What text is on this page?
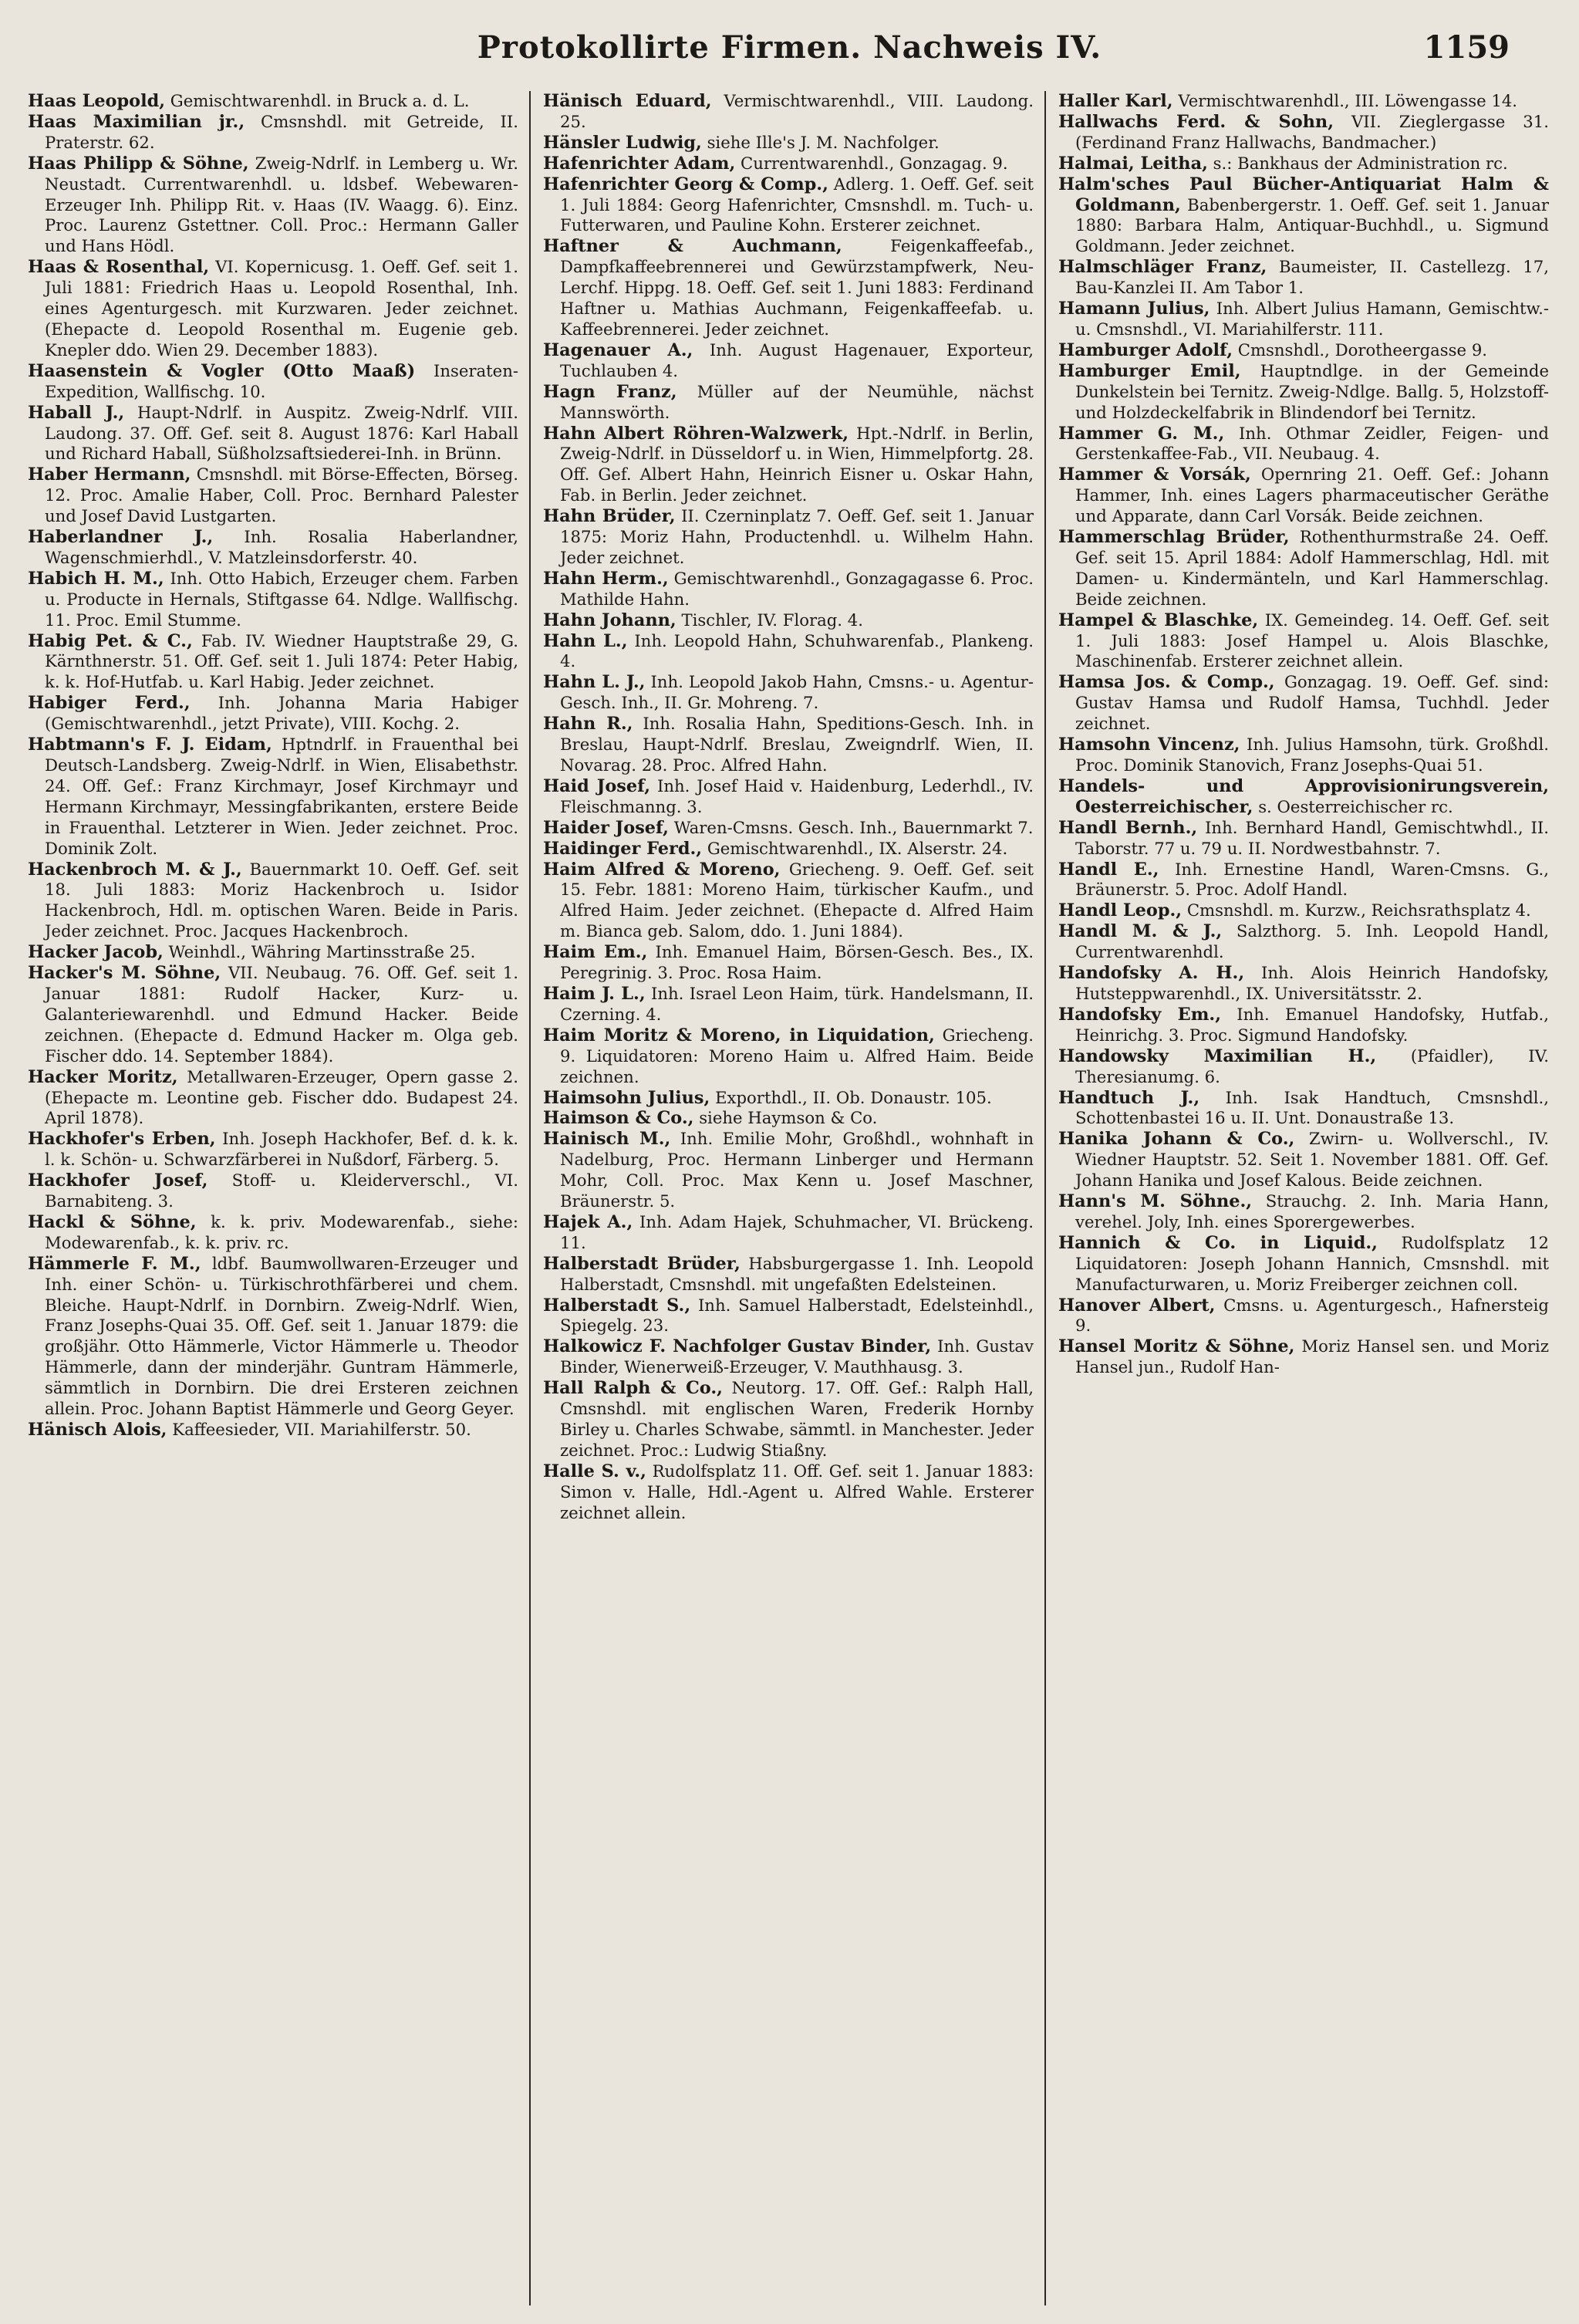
Protokollirte Firmen. Nachweis IV.	1159

Haas Leopold, Gemischtwarenhdl. in Bruck a. d. L.

Haas Maximilian jr., Cmsnshdl. mit Getreide, II. Praterstr. 62.

Haas Philipp & Söhne, Zweig-Ndrlf. in Lemberg u. Wr. Neustadt. Currentwarenhdl. u. ldsbef. Webewaren-Erzeuger Inh. Philipp Rit. v. Haas (IV. Waagg. 6). Einz. Proc. Laurenz Gstettner. Coll. Proc.: Hermann Galler und Hans Hödl.

Haas & Rosenthal, VI. Kopernicusg. 1. Oeff. Gef. seit 1. Juli 1881: Friedrich Haas u. Leopold Rosenthal, Inh. eines Agenturgesch. mit Kurzwaren. Jeder zeichnet. (Ehepacte d. Leopold Rosenthal m. Eugenie geb. Knepler ddo. Wien 29. December 1883).

Haasenstein & Vogler (Otto Maaß) Inseraten-Expedition, Wallfischg. 10.

Haball J., Haupt-Ndrlf. in Auspitz. Zweig-Ndrlf. VIII. Laudong. 37. Off. Gef. seit 8. August 1876: Karl Haball und Richard Haball, Süßholzsaftsiederei-Inh. in Brünn.

Haber Hermann, Cmsnshdl. mit Börse-Effecten, Börseg. 12. Proc. Amalie Haber, Coll. Proc. Bernhard Palester und Josef David Lustgarten.

Haberlandner J., Inh. Rosalia Haberlandner, Wagenschmierhdl., V. Matzleinsdorferstr. 40.

Habich H. M., Inh. Otto Habich, Erzeuger chem. Farben u. Producte in Hernals, Stiftgasse 64. Ndlge. Wallfischg. 11. Proc. Emil Stumme.

Habig Pet. & C., Fab. IV. Wiedner Hauptstraße 29, G. Kärnthnerstr. 51. Off. Gef. seit 1. Juli 1874: Peter Habig, k. k. Hof-Hutfab. u. Karl Habig. Jeder zeichnet.

Habiger Ferd., Inh. Johanna Maria Habiger (Gemischtwarenhdl., jetzt Private), VIII. Kochg. 2.

Habtmann's F. J. Eidam, Hptndrlf. in Frauenthal bei Deutsch-Landsberg. Zweig-Ndrlf. in Wien, Elisabethstr. 24. Off. Gef.: Franz Kirchmayr, Josef Kirchmayr und Hermann Kirchmayr, Messingfabrikanten, erstere Beide in Frauenthal. Letzterer in Wien. Jeder zeichnet. Proc. Dominik Zolt.

Hackenbroch M. & J., Bauernmarkt 10. Oeff. Gef. seit 18. Juli 1883: Moriz Hackenbroch u. Isidor Hackenbroch, Hdl. m. optischen Waren. Beide in Paris. Jeder zeichnet. Proc. Jacques Hackenbroch.

Hacker Jacob, Weinhdl., Währing Martinsstraße 25.

Hacker's M. Söhne, VII. Neubaug. 76. Off. Gef. seit 1. Januar 1881: Rudolf Hacker, Kurz- u. Galanteriewarenhdl. und Edmund Hacker. Beide zeichnen. (Ehepacte d. Edmund Hacker m. Olga geb. Fischer ddo. 14. September 1884).

Hacker Moritz, Metallwaren-Erzeuger, Opern gasse 2. (Ehepacte m. Leontine geb. Fischer ddo. Budapest 24. April 1878).

Hackhofer's Erben, Inh. Joseph Hackhofer, Bef. d. k. k. l. k. Schön- u. Schwarzfärberei in Nußdorf, Färberg. 5.

Hackhofer Josef, Stoff- u. Kleiderverschl., VI. Barnabiteng. 3.

Hackl & Söhne, k. k. priv. Modewarenfab., siehe: Modewarenfab., k. k. priv. rc.

Hämmerle F. M., ldbf. Baumwollwaren-Erzeuger und Inh. einer Schön- u. Türkischrothfärberei und chem. Bleiche. Haupt-Ndrlf. in Dornbirn. Zweig-Ndrlf. Wien, Franz Josephs-Quai 35. Off. Gef. seit 1. Januar 1879: die großjähr. Otto Hämmerle, Victor Hämmerle u. Theodor Hämmerle, dann der minderjähr. Guntram Hämmerle, sämmtlich in Dornbirn. Die drei Ersteren zeichnen allein. Proc. Johann Baptist Hämmerle und Georg Geyer.

Hänisch Alois, Kaffeesieder, VII. Mariahilferstr. 50.

Hänisch Eduard, Vermischtwarenhdl., VIII. Laudong. 25.

Hänsler Ludwig, siehe Ille's J. M. Nachfolger.

Hafenrichter Adam, Currentwarenhdl., Gonzagag. 9.

Hafenrichter Georg & Comp., Adlerg. 1. Oeff. Gef. seit 1. Juli 1884: Georg Hafenrichter, Cmsnshdl. m. Tuch- u. Futterwaren, und Pauline Kohn. Ersterer zeichnet.

Haftner & Auchmann,	Feigenkaffeefab., Dampfkaffeebrennerei und Gewürzstampfwerk, Neu-Lerchf. Hippg. 18. Oeff. Gef. seit 1. Juni 1883: Ferdinand Haftner u. Mathias Auchmann, Feigenkaffeefab. u. Kaffeebrennerei. Jeder zeichnet.

Hagenauer A., Inh. August Hagenauer, Exporteur, Tuchlauben 4.

Hagn Franz, Müller auf der Neumühle, nächst Mannswörth.

Hahn Albert Röhren-Walzwerk, Hpt.-Ndrlf. in Berlin, Zweig-Ndrlf. in Düsseldorf u. in Wien, Himmelpfortg. 28. Off. Gef. Albert Hahn, Heinrich Eisner u. Oskar Hahn, Fab. in Berlin. Jeder zeichnet.

Hahn Brüder, II. Czerninplatz 7. Oeff. Gef. seit 1. Januar 1875: Moriz Hahn, Productenhdl. u. Wilhelm Hahn. Jeder zeichnet.

Hahn Herm., Gemischtwarenhdl., Gonzagagasse 6. Proc. Mathilde Hahn.

Hahn Johann, Tischler, IV. Florag. 4.

Hahn L., Inh. Leopold Hahn, Schuhwarenfab., Plankeng. 4.

Hahn L. J., Inh. Leopold Jakob Hahn, Cmsns.- u. Agentur-Gesch. Inh., II. Gr. Mohreng. 7.

Hahn R., Inh. Rosalia Hahn, Speditions-Gesch. Inh. in Breslau, Haupt-Ndrlf. Breslau, Zweigndrlf. Wien, II. Novarag. 28. Proc. Alfred Hahn.

Haid Josef, Inh. Josef Haid v. Haidenburg, Lederhdl., IV. Fleischmanng. 3.

Haider Josef, Waren-Cmsns. Gesch. Inh., Bauernmarkt 7.

Haidinger Ferd., Gemischtwarenhdl., IX. Alserstr. 24.

Haim Alfred & Moreno, Griecheng. 9. Oeff. Gef. seit 15. Febr. 1881: Moreno Haim, türkischer Kaufm., und Alfred Haim. Jeder zeichnet. (Ehepacte d. Alfred Haim m. Bianca geb. Salom, ddo. 1. Juni 1884).

Haim Em., Inh. Emanuel Haim, Börsen-Gesch. Bes., IX. Peregrinig. 3. Proc. Rosa Haim.

Haim J. L., Inh. Israel Leon Haim, türk. Handelsmann, II. Czerning. 4.

Haim Moritz & Moreno, in Liquidation, Griecheng. 9. Liquidatoren: Moreno Haim u. Alfred Haim. Beide zeichnen.

Haimsohn Julius, Exporthdl., II. Ob. Donaustr. 105.

Haimson & Co., siehe Haymson & Co.

Hainisch M., Inh. Emilie Mohr, Großhdl., wohnhaft in Nadelburg, Proc. Hermann Linberger und Hermann Mohr, Coll. Proc. Max Kenn u. Josef Maschner, Bräunerstr. 5.

Hajek A., Inh. Adam Hajek, Schuhmacher, VI. Brückeng. 11.

Halberstadt Brüder, Habsburgergasse 1. Inh. Leopold Halberstadt, Cmsnshdl. mit ungefaßten Edelsteinen.

Halberstadt S., Inh. Samuel Halberstadt, Edelsteinhdl., Spiegelg. 23.

Halkowicz F. Nachfolger Gustav Binder, Inh. Gustav Binder, Wienerweiß-Erzeuger, V. Mauthhausg. 3.

Hall Ralph & Co., Neutorg. 17. Off. Gef.: Ralph Hall, Cmsnshdl. mit englischen Waren, Frederik Hornby Birley u. Charles Schwabe, sämmtl. in Manchester. Jeder zeichnet. Proc.: Ludwig Stiaßny.

Halle S. v., Rudolfsplatz 11. Off. Gef. seit 1. Januar 1883: Simon v. Halle, Hdl.-Agent u. Alfred Wahle. Ersterer zeichnet allein.

Haller Karl, Vermischtwarenhdl., III. Löwengasse 14.

Hallwachs Ferd. & Sohn, VII. Zieglergasse 31. (Ferdinand Franz Hallwachs, Bandmacher.)

Halmai, Leitha, s.: Bankhaus der Administration rc.

Halm'sches Paul Bücher-Antiquariat Halm & Goldmann, Babenbergerstr. 1. Oeff. Gef. seit 1. Januar 1880: Barbara Halm, Antiquar-Buchhdl., u. Sigmund Goldmann. Jeder zeichnet.

Halmschläger Franz, Baumeister, II. Castellezg. 17, Bau-Kanzlei II. Am Tabor 1.

Hamann Julius, Inh. Albert Julius Hamann, Gemischtw.- u. Cmsnshdl., VI. Mariahilferstr. 111.

Hamburger Adolf, Cmsnshdl., Dorotheergasse 9.

Hamburger Emil, Hauptndlge. in der Gemeinde Dunkelstein bei Ternitz. Zweig-Ndlge. Ballg. 5, Holzstoff- und Holzdeckelfabrik in Blindendorf bei Ternitz.

Hammer G. M., Inh. Othmar Zeidler, Feigen- und Gerstenkaffee-Fab., VII. Neubaug. 4.

Hammer & Vorsák, Opernring 21. Oeff. Gef.: Johann Hammer, Inh. eines Lagers pharmaceutischer Geräthe und Apparate, dann Carl Vorsák. Beide zeichnen.

Hammerschlag Brüder, Rothenthurmstraße 24. Oeff. Gef. seit 15. April 1884: Adolf Hammerschlag, Hdl. mit Damen- u. Kindermänteln, und Karl Hammerschlag. Beide zeichnen.

Hampel & Blaschke, IX. Gemeindeg. 14. Oeff. Gef. seit 1. Juli 1883: Josef Hampel u. Alois Blaschke, Maschinenfab. Ersterer zeichnet allein.

Hamsa Jos. & Comp., Gonzagag. 19. Oeff. Gef. sind: Gustav Hamsa und Rudolf Hamsa, Tuchhdl. Jeder zeichnet.

Hamsohn Vincenz, Inh. Julius Hamsohn, türk. Großhdl. Proc. Dominik Stanovich, Franz Josephs-Quai 51.

Handels- und Approvisionirungsverein, Oesterreichischer, s. Oesterreichischer rc.

Handl Bernh., Inh. Bernhard Handl, Gemischtwhdl., II. Taborstr. 77 u. 79 u. II. Nordwestbahnstr. 7.

Handl E., Inh. Ernestine Handl, Waren-Cmsns. G., Bräunerstr. 5. Proc. Adolf Handl.

Handl Leop., Cmsnshdl. m. Kurzw., Reichsrathsplatz 4.

Handl M. & J., Salzthorg. 5. Inh. Leopold Handl, Currentwarenhdl.

Handofsky A. H., Inh. Alois Heinrich Handofsky, Hutsteppwarenhdl., IX. Universitätsstr. 2.

Handofsky Em., Inh. Emanuel Handofsky, Hutfab., Heinrichg. 3. Proc. Sigmund Handofsky.

Handowsky Maximilian H., (Pfaidler), IV. Theresianumg. 6.

Handtuch J., Inh. Isak Handtuch, Cmsnshdl., Schottenbastei 16 u. II. Unt. Donaustraße 13.

Hanika Johann & Co., Zwirn- u. Wollverschl., IV. Wiedner Hauptstr. 52. Seit 1. November 1881. Off. Gef. Johann Hanika und Josef Kalous. Beide zeichnen.

Hann's M. Söhne., Strauchg. 2. Inh. Maria Hann, verehel. Joly, Inh. eines Sporergewerbes.

Hannich & Co. in Liquid., Rudolfsplatz 12 Liquidatoren: Joseph Johann Hannich, Cmsnshdl. mit Manufacturwaren, u. Moriz Freiberger zeichnen coll.

Hanover Albert, Cmsns. u. Agenturgesch., Hafnersteig 9.

Hansel Moritz & Söhne, Moriz Hansel sen. und Moriz Hansel jun., Rudolf Han-
